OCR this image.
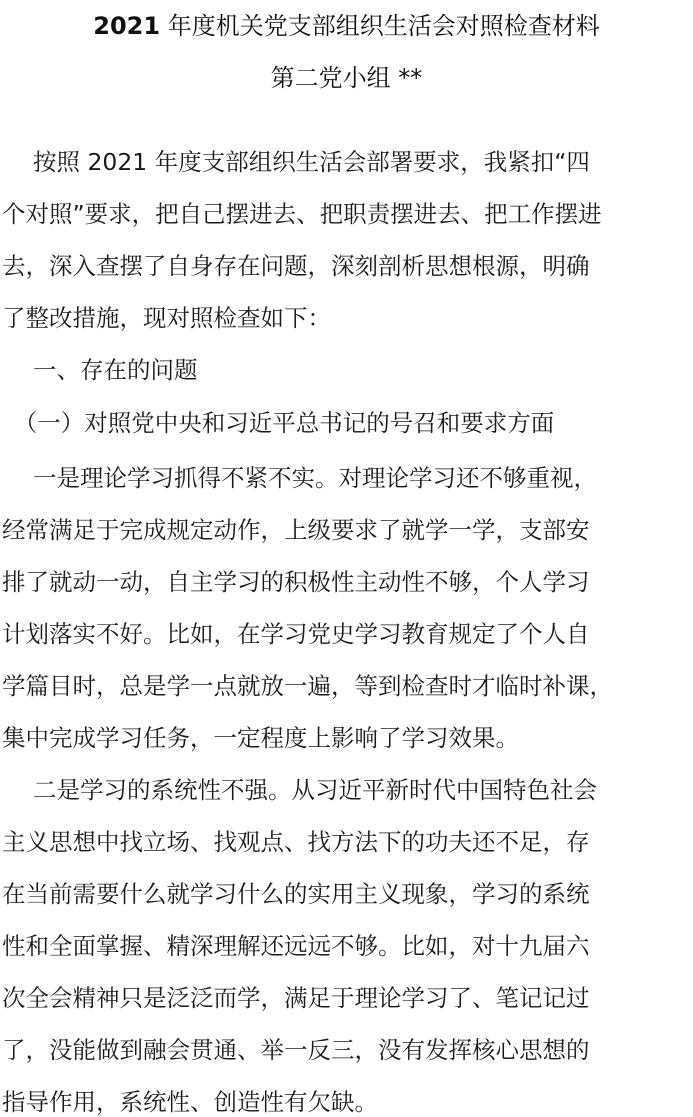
2021 年度机关党支部组织生活会对照检查材料
第二党小组 **
　 按照 2021 年度支部组织生活会部署要求，我紧扣“四
个对照”要求，把自己摆进去、把职责摆进去、把工作摆进
去，深入查摆了自身存在问题，深刻剖析思想根源，明确
了整改措施，现对照检查如下：
　 一、存在的问题
　（一）对照党中央和习近平总书记的号召和要求方面
　 一是理论学习抓得不紧不实。对理论学习还不够重视，
经常满足于完成规定动作，上级要求了就学一学，支部安
排了就动一动，自主学习的积极性主动性不够，个人学习
计划落实不好。比如，在学习党史学习教育规定了个人自
学篇目时，总是学一点就放一遍，等到检查时才临时补课，
集中完成学习任务，一定程度上影响了学习效果。
　 二是学习的系统性不强。从习近平新时代中国特色社会
主义思想中找立场、找观点、找方法下的功夫还不足，存
在当前需要什么就学习什么的实用主义现象，学习的系统
性和全面掌握、精深理解还远远不够。比如，对十九届六
次全会精神只是泛泛而学，满足于理论学习了、笔记记过
了，没能做到融会贯通、举一反三，没有发挥核心思想的
指导作用，系统性、创造性有欠缺。
